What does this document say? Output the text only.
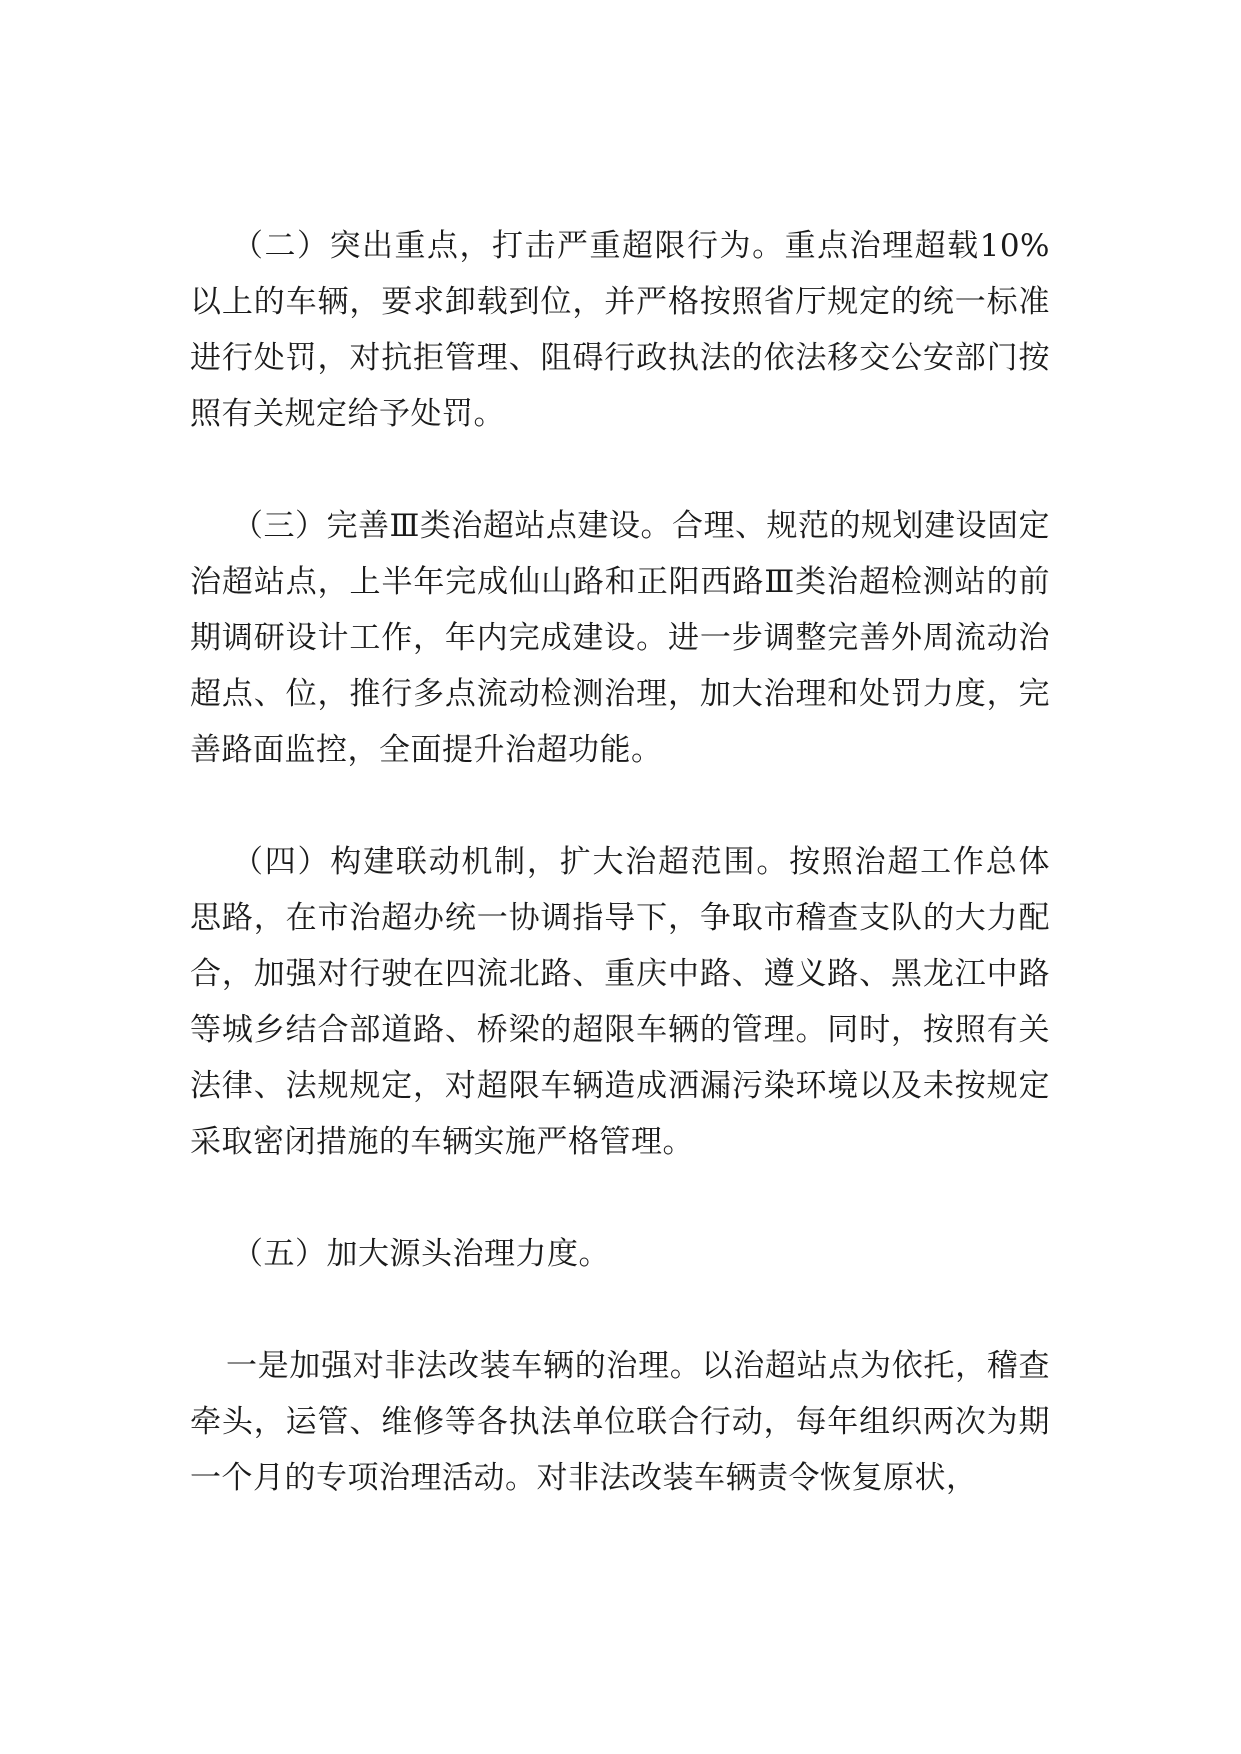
（二）突出重点，打击严重超限行为。重点治理超载10%以上的车辆，要求卸载到位，并严格按照省厅规定的统一标准进行处罚，对抗拒管理、阻碍行政执法的依法移交公安部门按照有关规定给予处罚。

（三）完善Ⅲ类治超站点建设。合理、规范的规划建设固定治超站点，上半年完成仙山路和正阳西路Ⅲ类治超检测站的前期调研设计工作，年内完成建设。进一步调整完善外周流动治超点、位，推行多点流动检测治理，加大治理和处罚力度，完善路面监控，全面提升治超功能。

（四）构建联动机制，扩大治超范围。按照治超工作总体思路，在市治超办统一协调指导下，争取市稽查支队的大力配合，加强对行驶在四流北路、重庆中路、遵义路、黑龙江中路等城乡结合部道路、桥梁的超限车辆的管理。同时，按照有关法律、法规规定，对超限车辆造成洒漏污染环境以及未按规定采取密闭措施的车辆实施严格管理。

（五）加大源头治理力度。

一是加强对非法改装车辆的治理。以治超站点为依托，稽查牵头，运管、维修等各执法单位联合行动，每年组织两次为期一个月的专项治理活动。对非法改装车辆责令恢复原状，
